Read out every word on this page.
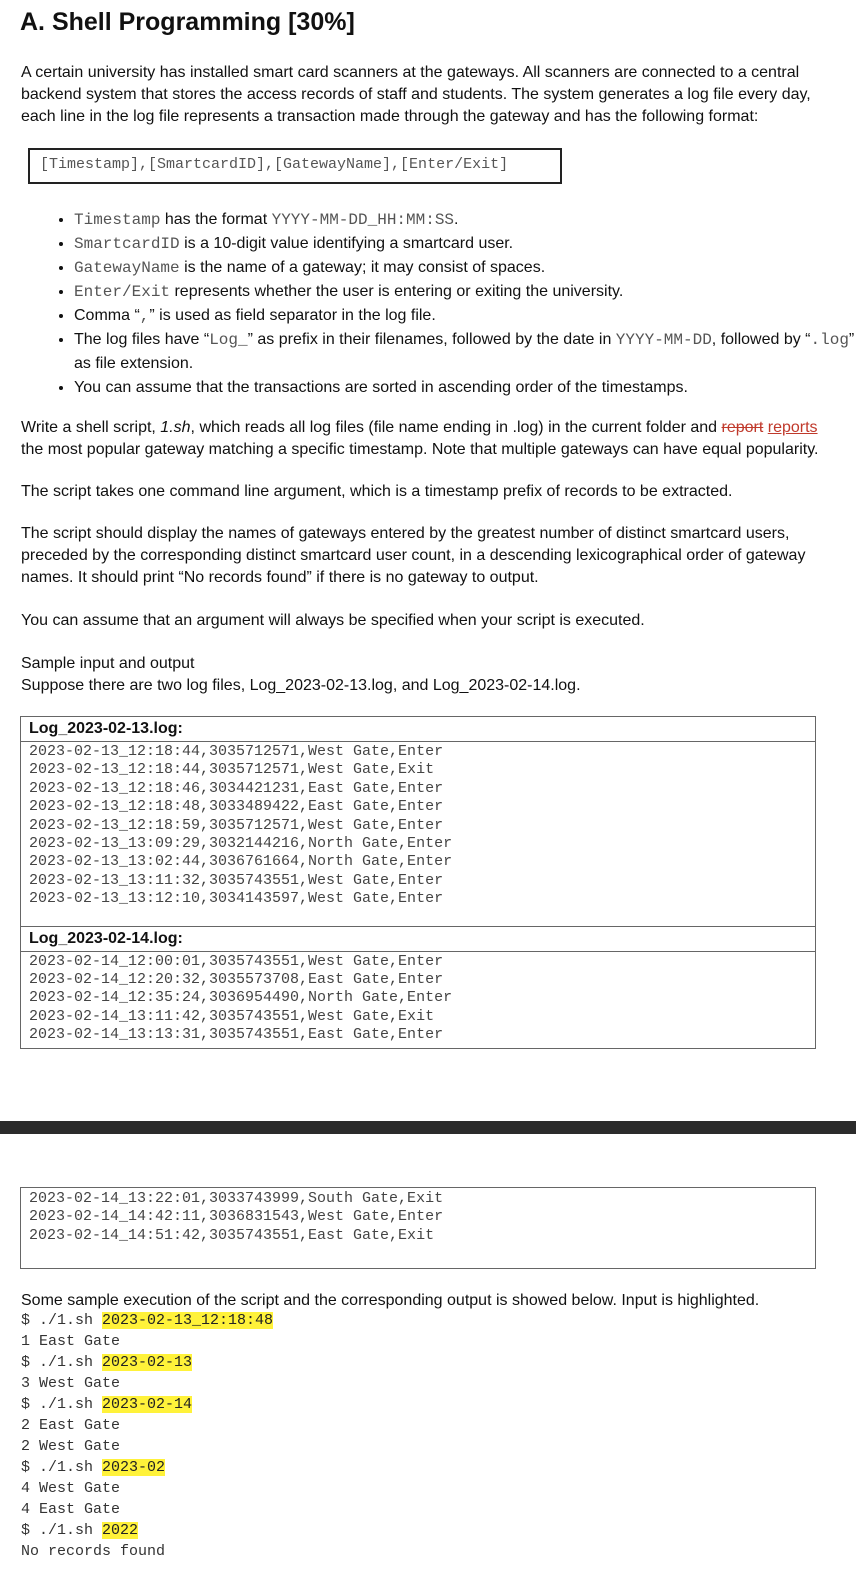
A. Shell Programming [30%]

A certain university has installed smart card scanners at the gateways. All scanners are connected to a central backend system that stores the access records of staff and students. The system generates a log file every day, each line in the log file represents a transaction made through the gateway and has the following format:

[Timestamp],[SmartcardID],[GatewayName],[Enter/Exit]
• Timestamp has the format YYYY-MM-DD_HH:MM:SS.
• SmartcardID is a 10-digit value identifying a smartcard user.
• GatewayName is the name of a gateway; it may consist of spaces.
• Enter/Exit represents whether the user is entering or exiting the university.
• Comma “,” is used as field separator in the log file.
• The log files have “Log_” as prefix in their filenames, followed by the date in YYYY-MM-DD, followed by “.log” as file extension.
• You can assume that the transactions are sorted in ascending order of the timestamps.

Write a shell script, 1.sh, which reads all log files (file name ending in .log) in the current folder and report reports the most popular gateway matching a specific timestamp. Note that multiple gateways can have equal popularity.

The script takes one command line argument, which is a timestamp prefix of records to be extracted.

The script should display the names of gateways entered by the greatest number of distinct smartcard users, preceded by the corresponding distinct smartcard user count, in a descending lexicographical order of gateway names. It should print “No records found” if there is no gateway to output.

You can assume that an argument will always be specified when your script is executed.

Sample input and output

Suppose there are two log files, Log_2023-02-13.log, and Log_2023-02-14.log.

Log_2023-02-13.log:
2023-02-13_12:18:44,3035712571,West Gate,Enter
2023-02-13_12:18:44,3035712571,West Gate,Exit
2023-02-13_12:18:46,3034421231,East Gate,Enter
2023-02-13_12:18:48,3033489422,East Gate,Enter
2023-02-13_12:18:59,3035712571,West Gate,Enter
2023-02-13_13:09:29,3032144216,North Gate,Enter
2023-02-13_13:02:44,3036761664,North Gate,Enter
2023-02-13_13:11:32,3035743551,West Gate,Enter
2023-02-13_13:12:10,3034143597,West Gate,Enter
Log_2023-02-14.log:
2023-02-14_12:00:01,3035743551,West Gate,Enter
2023-02-14_12:20:32,3035573708,East Gate,Enter
2023-02-14_12:35:24,3036954490,North Gate,Enter
2023-02-14_13:11:42,3035743551,West Gate,Exit
2023-02-14_13:13:31,3035743551,East Gate,Enter
2023-02-14_13:22:01,3033743999,South Gate,Exit
2023-02-14_14:42:11,3036831543,West Gate,Enter
2023-02-14_14:51:42,3035743551,East Gate,Exit

Some sample execution of the script and the corresponding output is showed below. Input is highlighted.

$ ./1.sh 2023-02-13_12:18:48
1 East Gate
$ ./1.sh 2023-02-13
3 West Gate
$ ./1.sh 2023-02-14
2 East Gate
2 West Gate
$ ./1.sh 2023-02
4 West Gate
4 East Gate
$ ./1.sh 2022
No records found
